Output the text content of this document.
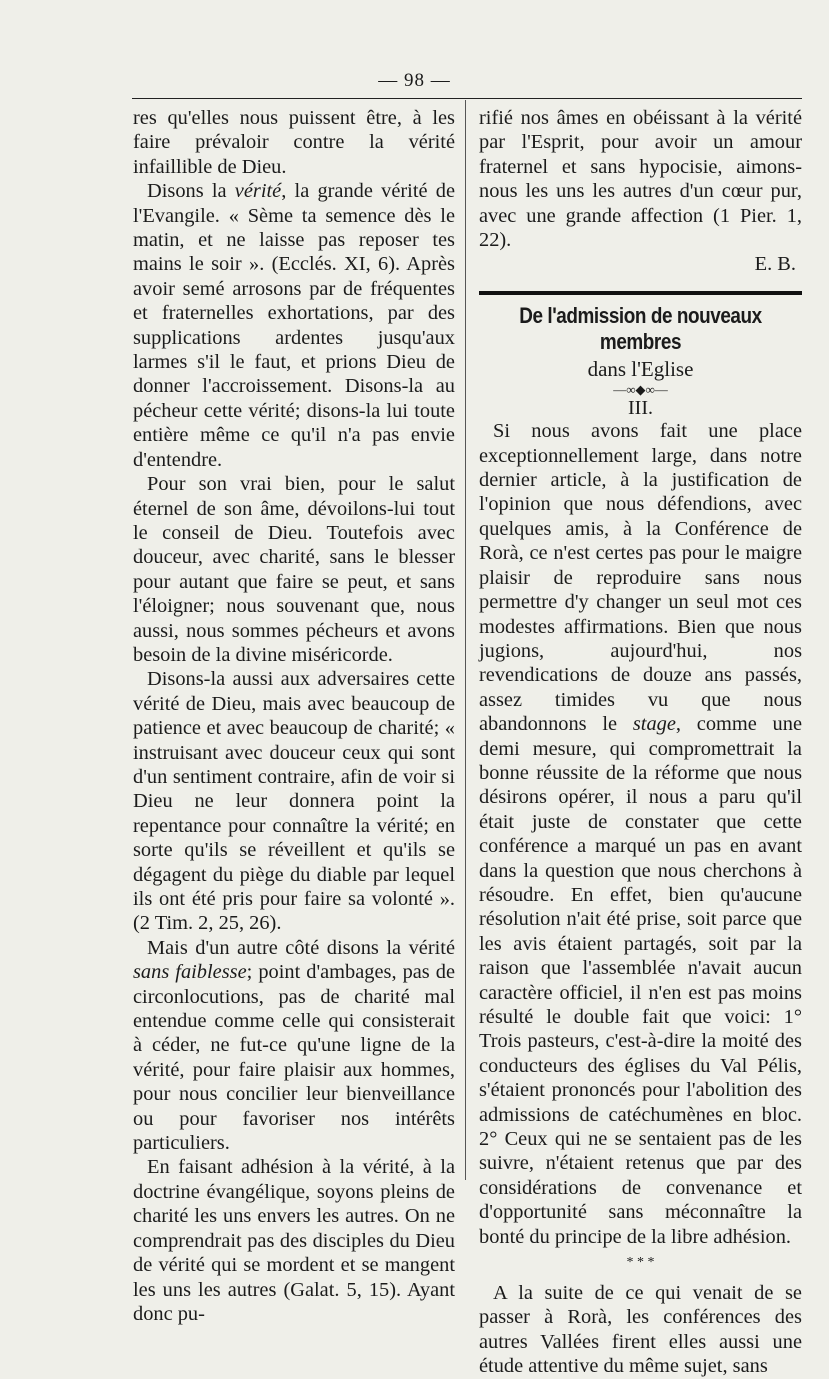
— 98 —

res qu'elles nous puissent être, à les faire prévaloir contre la vérité infaillible de Dieu.

Disons la vérité, la grande vérité de l'Evangile. « Sème ta semence dès le matin, et ne laisse pas reposer tes mains le soir ». (Ecclés. XI, 6). Après avoir semé arrosons par de fréquentes et fraternelles exhortations, par des supplications ardentes jusqu'aux larmes s'il le faut, et prions Dieu de donner l'accroissement. Disons-la au pécheur cette vérité; disons-la lui toute entière même ce qu'il n'a pas envie d'entendre.

Pour son vrai bien, pour le salut éternel de son âme, dévoilons-lui tout le conseil de Dieu. Toutefois avec douceur, avec charité, sans le blesser pour autant que faire se peut, et sans l'éloigner; nous souvenant que, nous aussi, nous sommes pécheurs et avons besoin de la divine miséricorde.

Disons-la aussi aux adversaires cette vérité de Dieu, mais avec beaucoup de patience et avec beaucoup de charité; « instruisant avec douceur ceux qui sont d'un sentiment contraire, afin de voir si Dieu ne leur donnera point la repentance pour connaître la vérité; en sorte qu'ils se réveillent et qu'ils se dégagent du piège du diable par lequel ils ont été pris pour faire sa volonté ». (2 Tim. 2, 25, 26).

Mais d'un autre côté disons la vérité sans faiblesse; point d'ambages, pas de circonlocutions, pas de charité mal entendue comme celle qui consisterait à céder, ne fut-ce qu'une ligne de la vérité, pour faire plaisir aux hommes, pour nous concilier leur bienveillance ou pour favoriser nos intérêts particuliers.

En faisant adhésion à la vérité, à la doctrine évangélique, soyons pleins de charité les uns envers les autres. On ne comprendrait pas des disciples du Dieu de vérité qui se mordent et se mangent les uns les autres (Galat. 5, 15). Ayant donc pu-

rifié nos âmes en obéissant à la vérité par l'Esprit, pour avoir un amour fraternel et sans hypocisie, aimons-nous les uns les autres d'un cœur pur, avec une grande affection (1 Pier. 1, 22).

E. B.

De l'admission de nouveaux membres
dans l'Eglise
—∞◆∞—
III.

Si nous avons fait une place exceptionnellement large, dans notre dernier article, à la justification de l'opinion que nous défendions, avec quelques amis, à la Conférence de Rorà, ce n'est certes pas pour le maigre plaisir de reproduire sans nous permettre d'y changer un seul mot ces modestes affirmations. Bien que nous jugions, aujourd'hui, nos revendications de douze ans passés, assez timides vu que nous abandonnons le stage, comme une demi mesure, qui compromettrait la bonne réussite de la réforme que nous désirons opérer, il nous a paru qu'il était juste de constater que cette conférence a marqué un pas en avant dans la question que nous cherchons à résoudre. En effet, bien qu'aucune résolution n'ait été prise, soit parce que les avis étaient partagés, soit par la raison que l'assemblée n'avait aucun caractère officiel, il n'en est pas moins résulté le double fait que voici: 1° Trois pasteurs, c'est-à-dire la moité des conducteurs des églises du Val Pélis, s'étaient prononcés pour l'abolition des admissions de catéchumènes en bloc. 2° Ceux qui ne se sentaient pas de les suivre, n'étaient retenus que par des considérations de convenance et d'opportunité sans méconnaître la bonté du principe de la libre adhésion.

* * *

A la suite de ce qui venait de se passer à Rorà, les conférences des autres Vallées firent elles aussi une étude attentive du même sujet, sans
